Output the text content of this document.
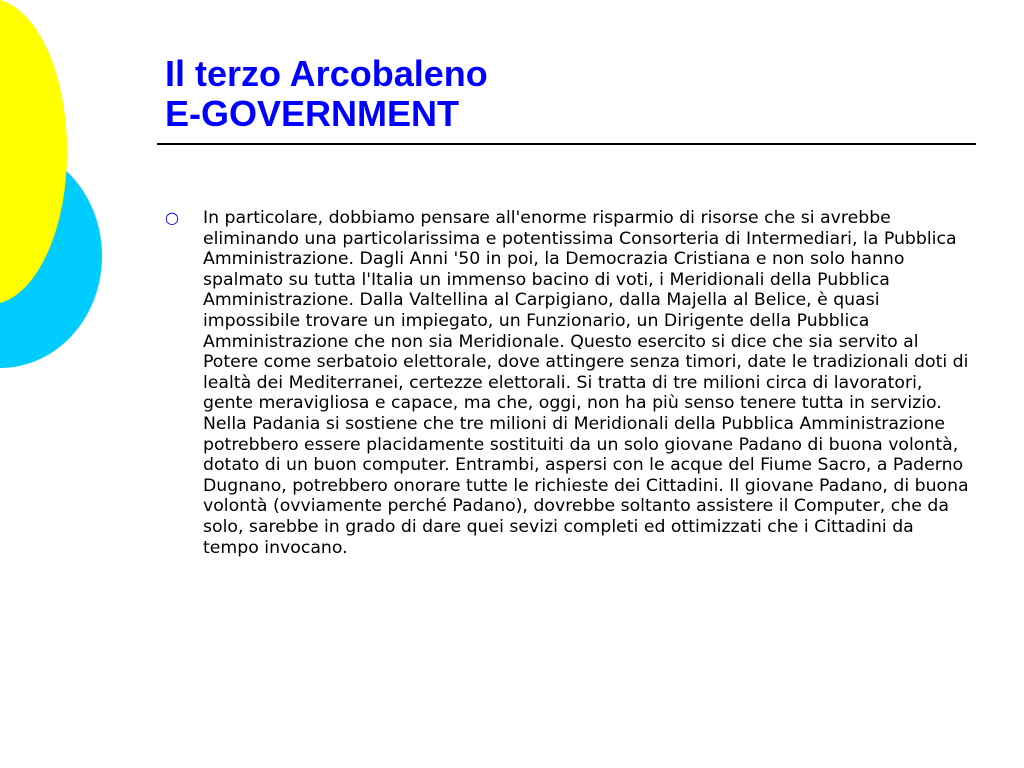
Il terzo Arcobaleno
E-GOVERNMENT
○ In particolare, dobbiamo pensare all'enorme risparmio di risorse che si avrebbe eliminando una particolarissima e potentissima Consorteria di Intermediari, la Pubblica Amministrazione. Dagli Anni '50 in poi, la Democrazia Cristiana e non solo hanno spalmato su tutta l'Italia un immenso bacino di voti, i Meridionali della Pubblica Amministrazione. Dalla Valtellina al Carpigiano, dalla Majella al Belice, è quasi impossibile trovare un impiegato, un Funzionario, un Dirigente della Pubblica Amministrazione che non sia Meridionale. Questo esercito si dice che sia servito al Potere come serbatoio elettorale, dove attingere senza timori, date le tradizionali doti di lealtà dei Mediterranei, certezze elettorali. Si tratta di tre milioni circa di lavoratori, gente meravigliosa e capace, ma che, oggi, non ha più senso tenere tutta in servizio. Nella Padania si sostiene che tre milioni di Meridionali della Pubblica Amministrazione potrebbero essere placidamente sostituiti da un solo giovane Padano di buona volontà, dotato di un buon computer. Entrambi, aspersi con le acque del Fiume Sacro, a Paderno Dugnano, potrebbero onorare tutte le richieste dei Cittadini. Il giovane Padano, di buona volontà (ovviamente perché Padano), dovrebbe soltanto assistere il Computer, che da solo, sarebbe in grado di dare quei sevizi completi ed ottimizzati che i Cittadini da tempo invocano.
